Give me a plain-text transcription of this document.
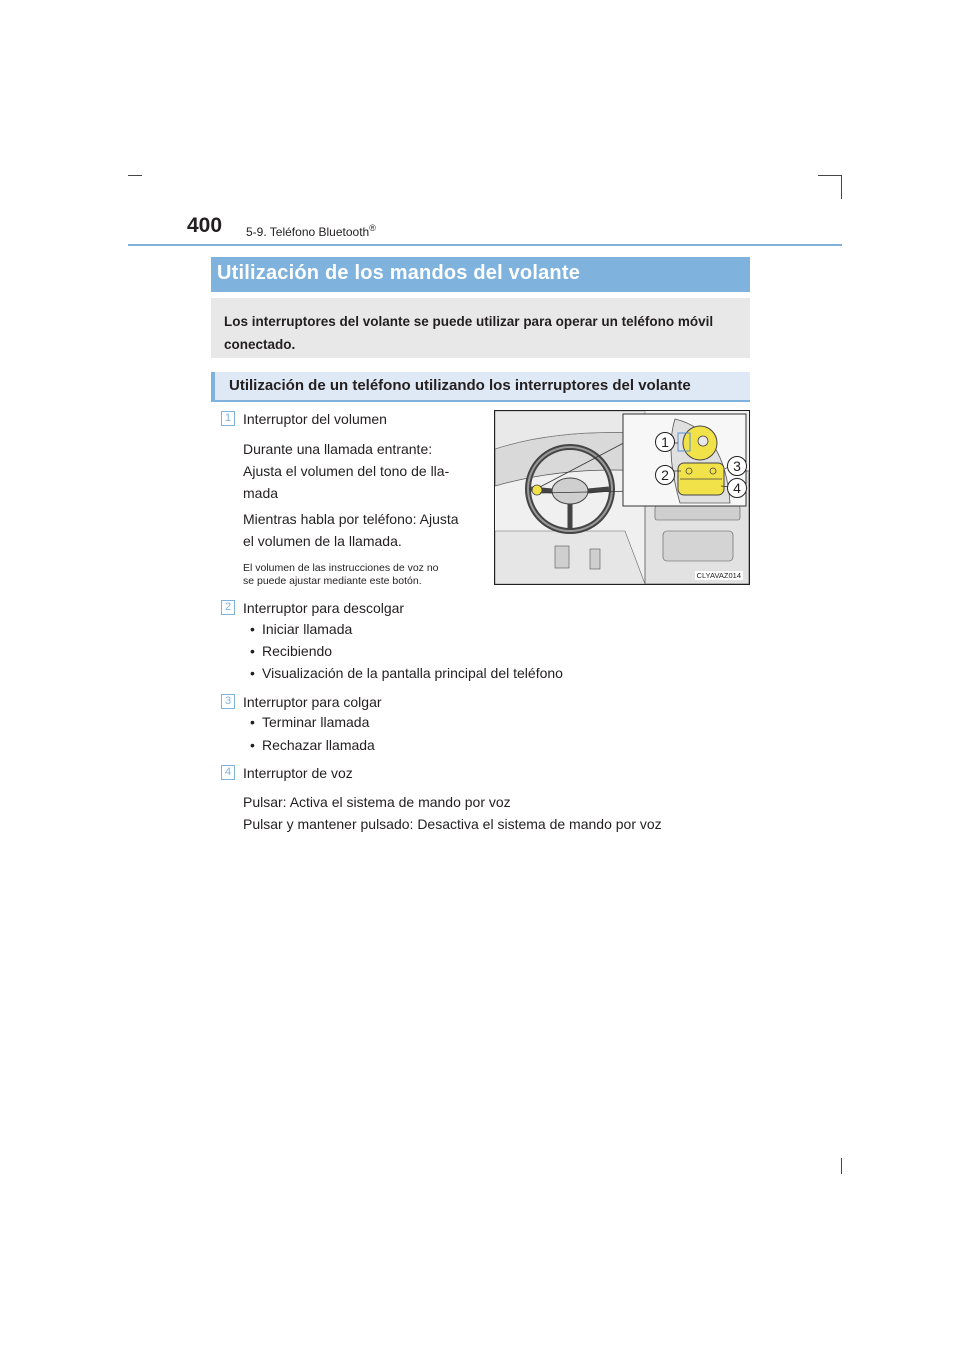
400 5-9. Teléfono Bluetooth®
Utilización de los mandos del volante
Los interruptores del volante se puede utilizar para operar un teléfono móvil
conectado.
Utilización de un teléfono utilizando los interruptores del volante
1 Interruptor del volumen
Durante una llamada entrante:
Ajusta el volumen del tono de lla-
mada
Mientras habla por teléfono: Ajusta
el volumen de la llamada.
El volumen de las instrucciones de voz no
se puede ajustar mediante este botón.
1
2
3
4
CLYAVAZ014
2 Interruptor para descolgar
• Iniciar llamada
• Recibiendo
• Visualización de la pantalla principal del teléfono
3 Interruptor para colgar
• Terminar llamada
• Rechazar llamada
4 Interruptor de voz
Pulsar: Activa el sistema de mando por voz
Pulsar y mantener pulsado: Desactiva el sistema de mando por voz
